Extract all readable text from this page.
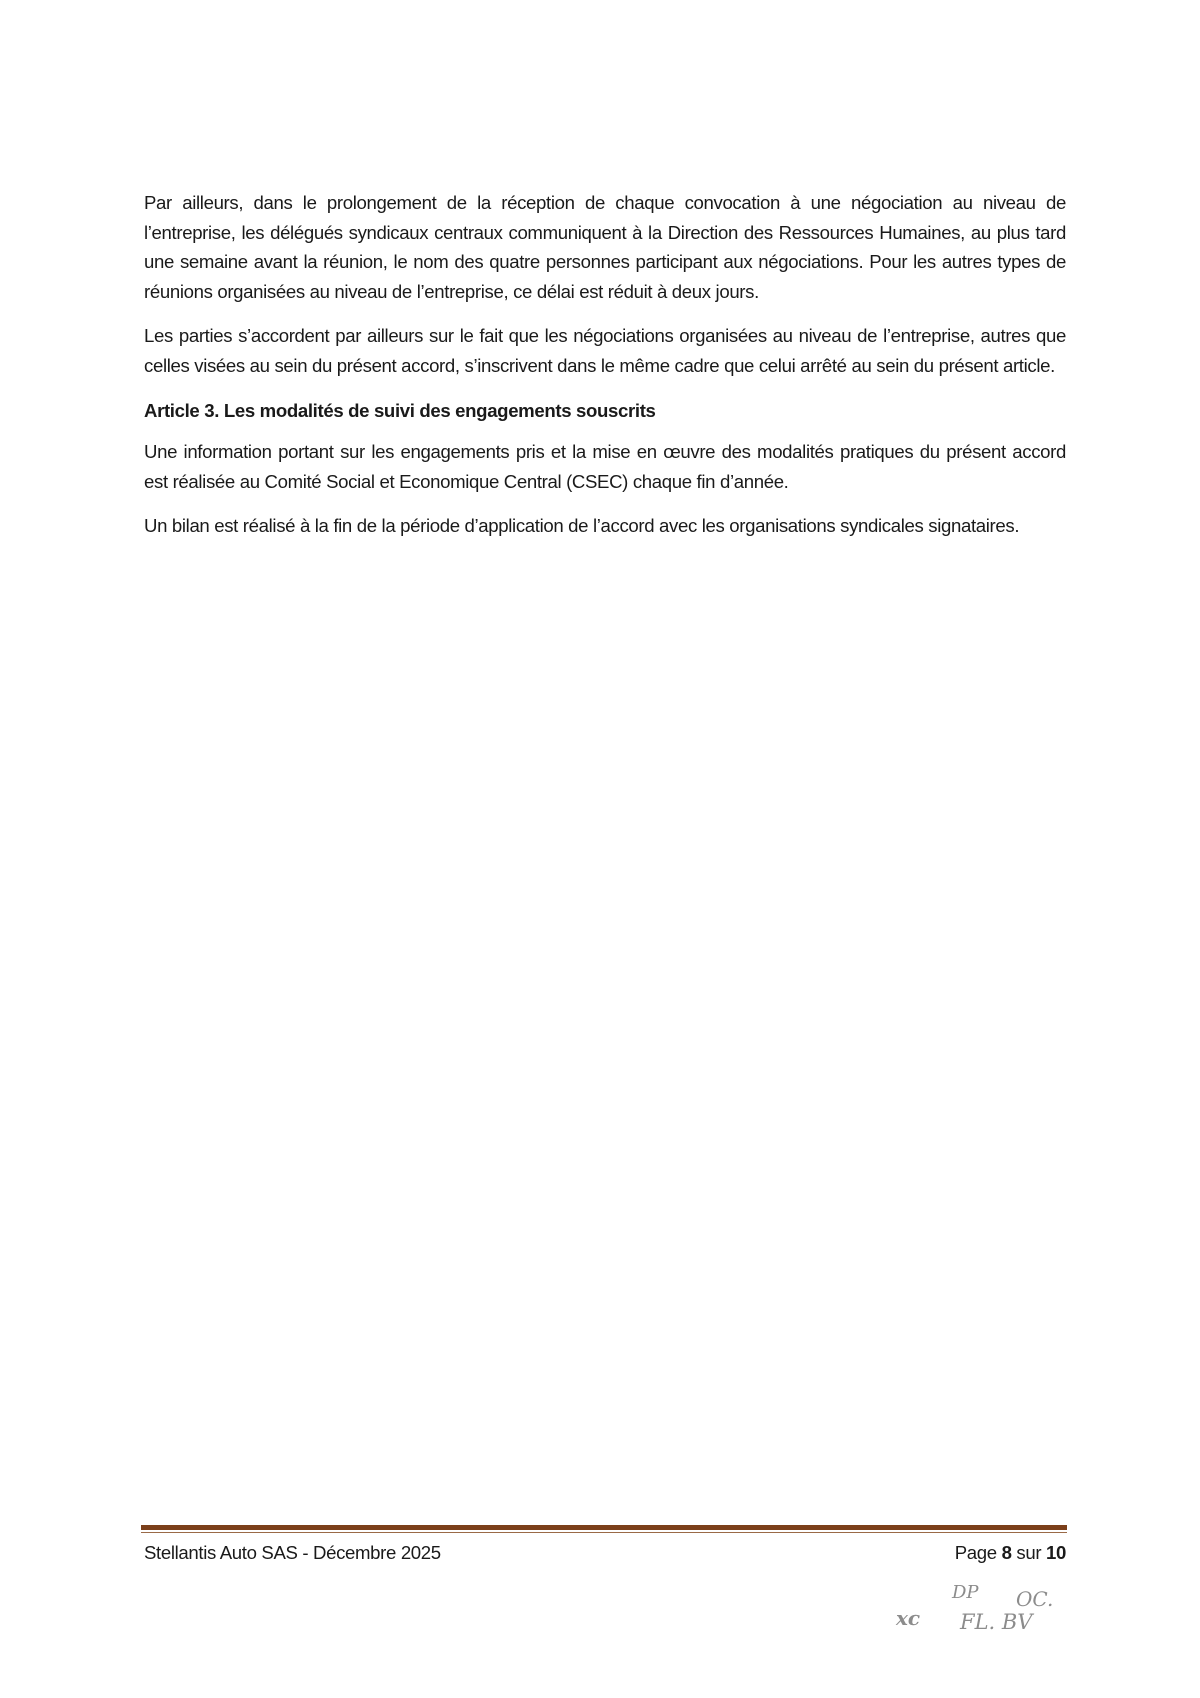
Par ailleurs, dans le prolongement de la réception de chaque convocation à une négociation au niveau de l’entreprise, les délégués syndicaux centraux communiquent à la Direction des Ressources Humaines, au plus tard une semaine avant la réunion, le nom des quatre personnes participant aux négociations. Pour les autres types de réunions organisées au niveau de l’entreprise, ce délai est réduit à deux jours.

Les parties s’accordent par ailleurs sur le fait que les négociations organisées au niveau de l’entreprise, autres que celles visées au sein du présent accord, s’inscrivent dans le même cadre que celui arrêté au sein du présent article.

Article 3. Les modalités de suivi des engagements souscrits

Une information portant sur les engagements pris et la mise en œuvre des modalités pratiques du présent accord est réalisée au Comité Social et Economique Central (CSEC) chaque fin d’année.

Un bilan est réalisé à la fin de la période d’application de l’accord avec les organisations syndicales signataires.

Stellantis Auto SAS - Décembre 2025	Page 8 sur 10
xc
DP OC.
FL. BV
